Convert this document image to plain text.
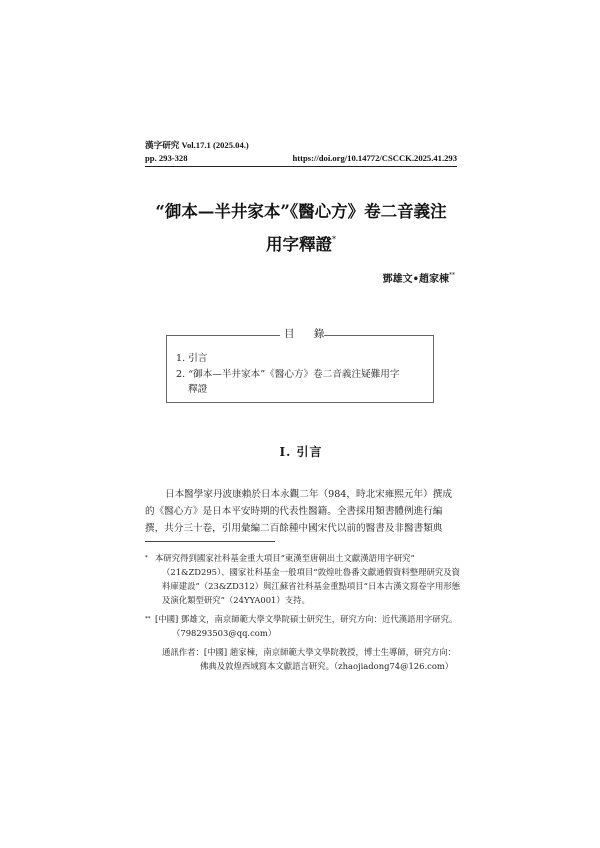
漢字研究 Vol.17.1 (2025.04.)
pp. 293-328	https://doi.org/10.14772/CSCCK.2025.41.293
“御本—半井家本”《醫心方》卷二音義注
用字釋證*
鄧雄文•趙家棟**
目 錄
1. 引言
2. “御本—半井家本”《醫心方》卷二音義注疑難用字
釋證
I. 引言
日本醫學家丹波康賴於日本永觀二年（984，時北宋雍熙元年）撰成
的《醫心方》是日本平安時期的代表性醫籍。全書採用類書體例進行編
撰，共分三十卷，引用彙編二百餘種中國宋代以前的醫書及非醫書類典
* 本研究得到國家社科基金重大項目“東漢至唐朝出土文獻漢語用字研究”
（21&ZD295）、國家社科基金一般項目“敦煌吐魯番文獻通假資料整理研究及資
料庫建設”（23&ZD312）與江蘇省社科基金重點項目“日本古漢文寫卷字用形態
及演化類型研究”（24YYA001）支持。
** [中國] 鄧雄文，南京師範大學文學院碩士研究生，研究方向：近代漢語用字研究。
（798293503@qq.com）
通訊作者：[中國] 趙家棟，南京師範大學文學院教授，博士生導師，研究方向：
佛典及敦煌西域寫本文獻語言研究。（zhaojiadong74@126.com）
